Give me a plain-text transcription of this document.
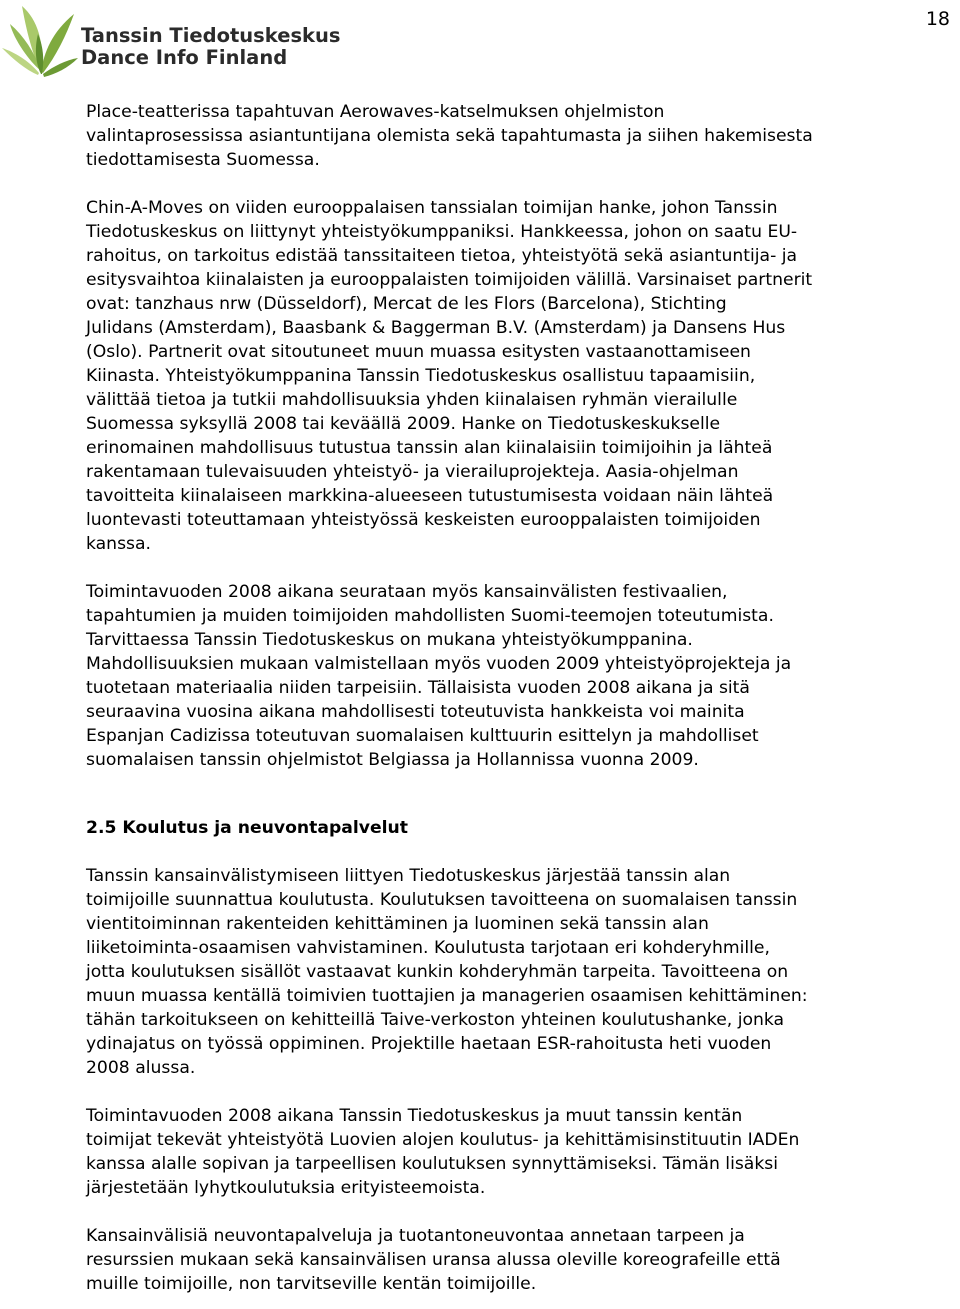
18
Tanssin Tiedotuskeskus
Dance Info Finland

Place-teatterissa tapahtuvan Aerowaves-katselmuksen ohjelmiston
valintaprosessissa asiantuntijana olemista sekä tapahtumasta ja siihen hakemisesta
tiedottamisesta Suomessa.

Chin-A-Moves on viiden eurooppalaisen tanssialan toimijan hanke, johon Tanssin
Tiedotuskeskus on liittynyt yhteistyökumppaniksi. Hankkeessa, johon on saatu EU-
rahoitus, on tarkoitus edistää tanssitaiteen tietoa, yhteistyötä sekä asiantuntija- ja
esitysvaihtoa kiinalaisten ja eurooppalaisten toimijoiden välillä. Varsinaiset partnerit
ovat: tanzhaus nrw (Düsseldorf), Mercat de les Flors (Barcelona), Stichting
Julidans (Amsterdam), Baasbank & Baggerman B.V. (Amsterdam) ja Dansens Hus
(Oslo). Partnerit ovat sitoutuneet muun muassa esitysten vastaanottamiseen
Kiinasta. Yhteistyökumppanina Tanssin Tiedotuskeskus osallistuu tapaamisiin,
välittää tietoa ja tutkii mahdollisuuksia yhden kiinalaisen ryhmän vierailulle
Suomessa syksyllä 2008 tai keväällä 2009. Hanke on Tiedotuskeskukselle
erinomainen mahdollisuus tutustua tanssin alan kiinalaisiin toimijoihin ja lähteä
rakentamaan tulevaisuuden yhteistyö- ja vierailuprojekteja. Aasia-ohjelman
tavoitteita kiinalaiseen markkina-alueeseen tutustumisesta voidaan näin lähteä
luontevasti toteuttamaan yhteistyössä keskeisten eurooppalaisten toimijoiden
kanssa.

Toimintavuoden 2008 aikana seurataan myös kansainvälisten festivaalien,
tapahtumien ja muiden toimijoiden mahdollisten Suomi-teemojen toteutumista.
Tarvittaessa Tanssin Tiedotuskeskus on mukana yhteistyökumppanina.
Mahdollisuuksien mukaan valmistellaan myös vuoden 2009 yhteistyöprojekteja ja
tuotetaan materiaalia niiden tarpeisiin. Tällaisista vuoden 2008 aikana ja sitä
seuraavina vuosina aikana mahdollisesti toteutuvista hankkeista voi mainita
Espanjan Cadizissa toteutuvan suomalaisen kulttuurin esittelyn ja mahdolliset
suomalaisen tanssin ohjelmistot Belgiassa ja Hollannissa vuonna 2009.

2.5 Koulutus ja neuvontapalvelut

Tanssin kansainvälistymiseen liittyen Tiedotuskeskus järjestää tanssin alan
toimijoille suunnattua koulutusta. Koulutuksen tavoitteena on suomalaisen tanssin
vientitoiminnan rakenteiden kehittäminen ja luominen sekä tanssin alan
liiketoiminta-osaamisen vahvistaminen. Koulutusta tarjotaan eri kohderyhmille,
jotta koulutuksen sisällöt vastaavat kunkin kohderyhmän tarpeita. Tavoitteena on
muun muassa kentällä toimivien tuottajien ja managerien osaamisen kehittäminen:
tähän tarkoitukseen on kehitteillä Taive-verkoston yhteinen koulutushanke, jonka
ydinajatus on työssä oppiminen. Projektille haetaan ESR-rahoitusta heti vuoden
2008 alussa.

Toimintavuoden 2008 aikana Tanssin Tiedotuskeskus ja muut tanssin kentän
toimijat tekevät yhteistyötä Luovien alojen koulutus- ja kehittämisinstituutin IADEn
kanssa alalle sopivan ja tarpeellisen koulutuksen synnyttämiseksi. Tämän lisäksi
järjestetään lyhytkoulutuksia erityisteemoista.

Kansainvälisiä neuvontapalveluja ja tuotantoneuvontaa annetaan tarpeen ja
resurssien mukaan sekä kansainvälisen uransa alussa oleville koreografeille että
muille toimijoille, non tarvitseville kentän toimijoille.
